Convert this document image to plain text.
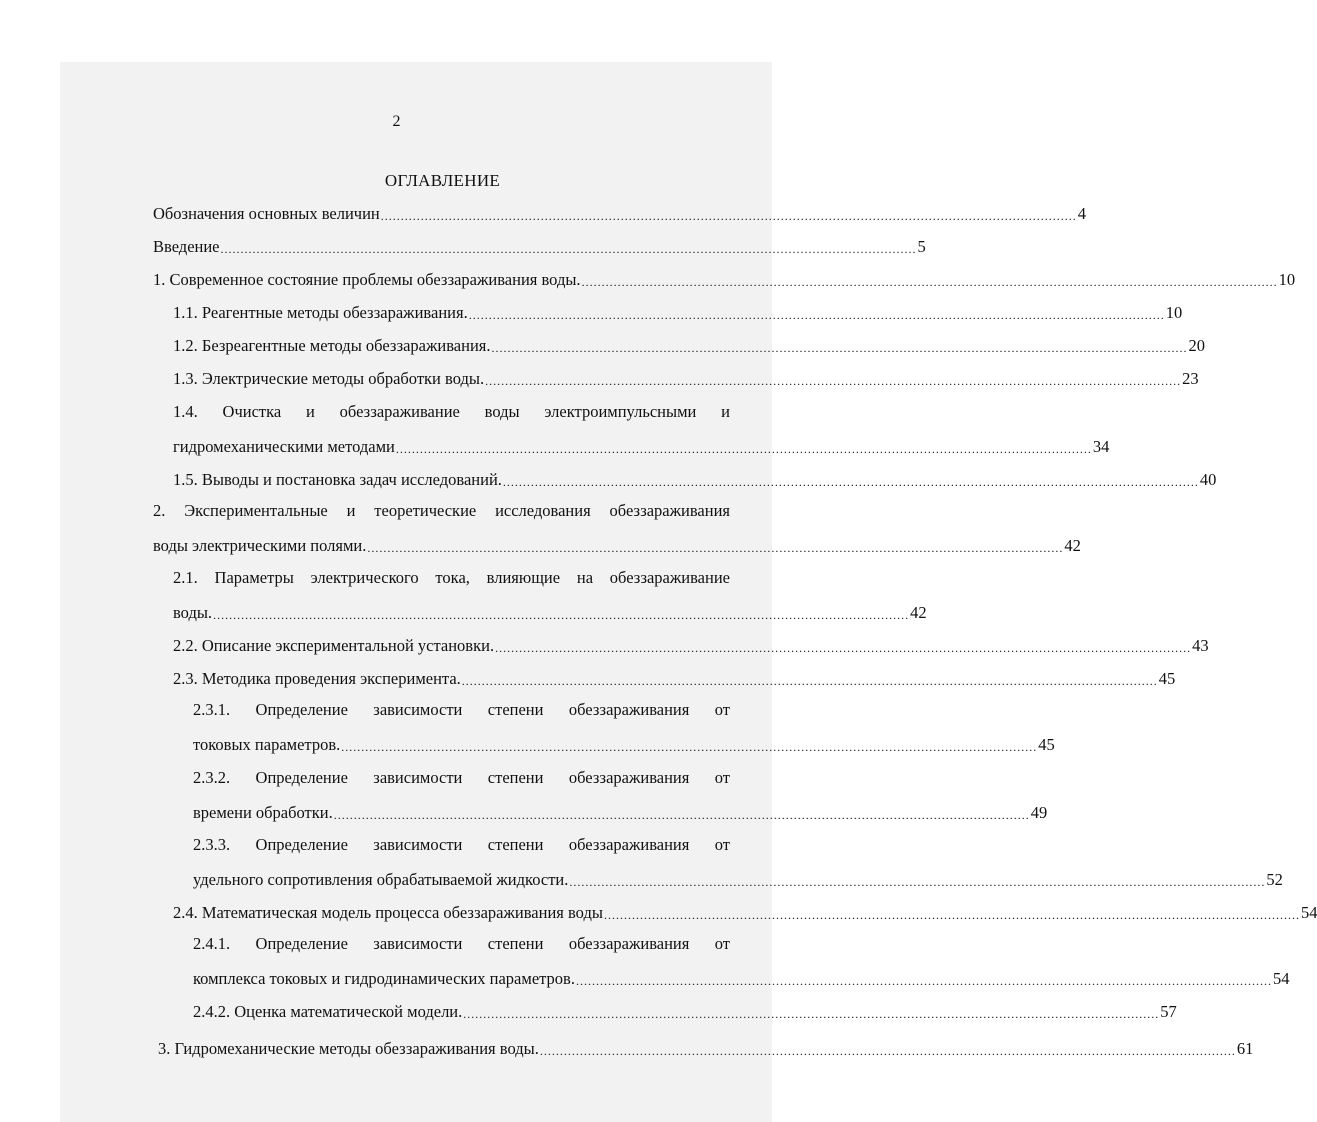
2
ОГЛАВЛЕНИЕ
Обозначения основных величин .............................................................................................................................................................................. 4
Введение .............................................................................................................................................................................. 5
1. Современное состояние проблемы обеззараживания воды. .............................................................................................................................................................................. 10
1.1. Реагентные методы обеззараживания. .............................................................................................................................................................................. 10
1.2. Безреагентные методы обеззараживания. .............................................................................................................................................................................. 20
1.3. Электрические методы обработки воды. .............................................................................................................................................................................. 23
1.4. Очистка и обеззараживание воды электроимпульсными и
гидромеханическими методами .............................................................................................................................................................................. 34
1.5. Выводы и постановка задач исследований. .............................................................................................................................................................................. 40
2. Экспериментальные и теоретические исследования обеззараживания
воды электрическими полями. .............................................................................................................................................................................. 42
2.1. Параметры электрического тока, влияющие на обеззараживание
воды. .............................................................................................................................................................................. 42
2.2. Описание экспериментальной установки. .............................................................................................................................................................................. 43
2.3. Методика проведения эксперимента. .............................................................................................................................................................................. 45
2.3.1. Определение зависимости степени обеззараживания от
токовых параметров. .............................................................................................................................................................................. 45
2.3.2. Определение зависимости степени обеззараживания от
времени обработки. .............................................................................................................................................................................. 49
2.3.3. Определение зависимости степени обеззараживания от
удельного сопротивления обрабатываемой жидкости. .............................................................................................................................................................................. 52
2.4. Математическая модель процесса обеззараживания воды .............................................................................................................................................................................. 54
2.4.1. Определение зависимости степени обеззараживания от
комплекса токовых и гидродинамических параметров. .............................................................................................................................................................................. 54
2.4.2. Оценка математической модели. .............................................................................................................................................................................. 57
3. Гидромеханические методы обеззараживания воды. .............................................................................................................................................................................. 61
